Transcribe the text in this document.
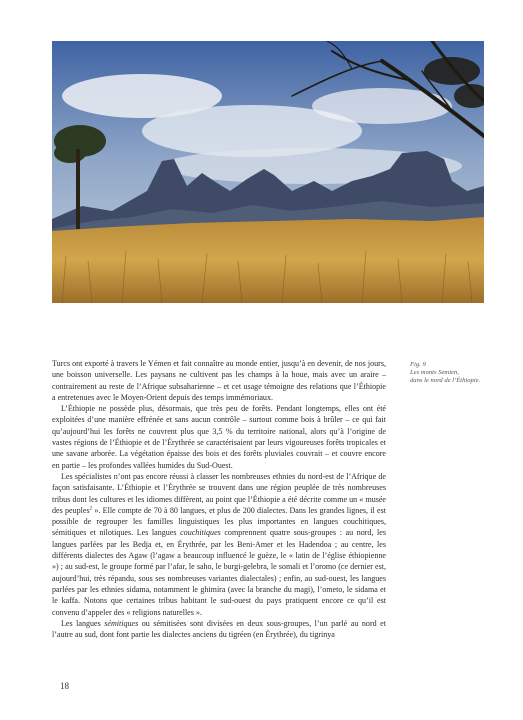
Fig. 9
Les monts Semien,
dans le nord de l’Éthiopie.

Turcs ont exporté à travers le Yémen et fait connaître au monde entier, jusqu’à en devenir, de nos jours, une boisson universelle. Les paysans ne cultivent pas les champs à la houe, mais avec un araire – contrairement au reste de l’Afrique subsaharienne – et cet usage témoigne des relations que l’Éthiopie a entretenues avec le Moyen-Orient depuis des temps immémoriaux.

L’Éthiopie ne possède plus, désormais, que très peu de forêts. Pendant longtemps, elles ont été exploitées d’une manière effrénée et sans aucun contrôle – surtout comme bois à brûler – ce qui fait qu’aujourd’hui les forêts ne couvrent plus que 3,5 % du territoire national, alors qu’à l’origine de vastes régions de l’Éthiopie et de l’Érythrée se caractérisaient par leurs vigoureuses forêts tropicales et une savane arborée. La végétation épaisse des bois et des forêts pluviales couvrait – et couvre encore en partie – les profondes vallées humides du Sud-Ouest.

Les spécialistes n’ont pas encore réussi à classer les nombreuses ethnies du nord-est de l’Afrique de façon satisfaisante. L’Éthiopie et l’Érythrée se trouvent dans une région peuplée de très nombreuses tribus dont les cultures et les idiomes diffèrent, au point que l’Éthiopie a été décrite comme un « musée des peuples$^2$ ». Elle compte de 70 à 80 langues, et plus de 200 dialectes. Dans les grandes lignes, il est possible de regrouper les familles linguistiques les plus importantes en langues couchitiques, sémitiques et nilotiques. Les langues couchitiques comprennent quatre sous-groupes : au nord, les langues parlées par les Bedja et, en Érythrée, par les Beni-Amer et les Hadendoa ; au centre, les différents dialectes des Agaw (l’agaw a beaucoup influencé le guèze, le « latin de l’église éthiopienne ») ; au sud-est, le groupe formé par l’afar, le saho, le burgi-gelebra, le somali et l’oromo (ce dernier est, aujourd’hui, très répandu, sous ses nombreuses variantes dialectales) ; enfin, au sud-ouest, les langues parlées par les ethnies sidama, notamment le ghimira (avec la branche du magi), l’ometo, le sidama et le kaffa. Notons que certaines tribus habitant le sud-ouest du pays pratiquent encore ce qu’il est convenu d’appeler des « religions naturelles ».

Les langues sémitiques ou sémitisées sont divisées en deux sous-groupes, l’un parlé au nord et l’autre au sud, dont font partie les dialectes anciens du tigréen (en Érythrée), du tigrinya

18
